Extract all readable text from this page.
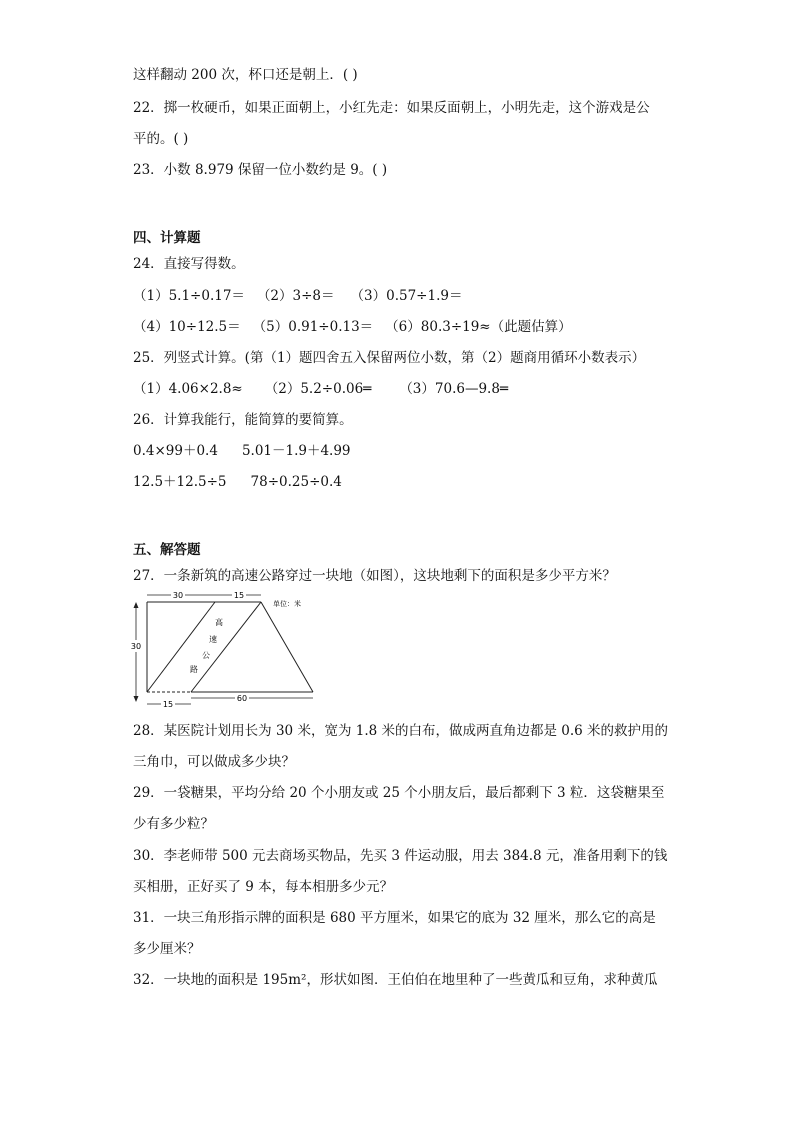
这样翻动 200 次，杯口还是朝上．( )
22．掷一枚硬币，如果正面朝上，小红先走：如果反面朝上，小明先走，这个游戏是公
平的。( )
23．小数 8.979 保留一位小数约是 9。( )
四、计算题
24．直接写得数。
（1）5.1÷0.17＝ （2）3÷8＝ （3）0.57÷1.9＝
（4）10÷12.5＝ （5）0.91÷0.13＝ （6）80.3÷19≈（此题估算）
25．列竖式计算。(第（1）题四舍五入保留两位小数，第（2）题商用循环小数表示）
（1）4.06×2.8≈ （2）5.2÷0.06═ （3）70.6—9.8═
26．计算我能行，能简算的要简算。
0.4×99＋0.4 5.01－1.9＋4.99
12.5＋12.5÷5 78÷0.25÷0.4
五、解答题
27．一条新筑的高速公路穿过一块地（如图），这块地剩下的面积是多少平方米？
30
30	15
15
60
单位：米
高
速
公
路
28．某医院计划用长为 30 米，宽为 1.8 米的白布，做成两直角边都是 0.6 米的救护用的
三角巾，可以做成多少块？
29．一袋糖果，平均分给 20 个小朋友或 25 个小朋友后，最后都剩下 3 粒．这袋糖果至
少有多少粒？
30．李老师带 500 元去商场买物品，先买 3 件运动服，用去 384.8 元，准备用剩下的钱
买相册，正好买了 9 本，每本相册多少元？
31．一块三角形指示牌的面积是 680 平方厘米，如果它的底为 32 厘米，那么它的高是
多少厘米？
32．一块地的面积是 195m²，形状如图．王伯伯在地里种了一些黄瓜和豆角，求种黄瓜
